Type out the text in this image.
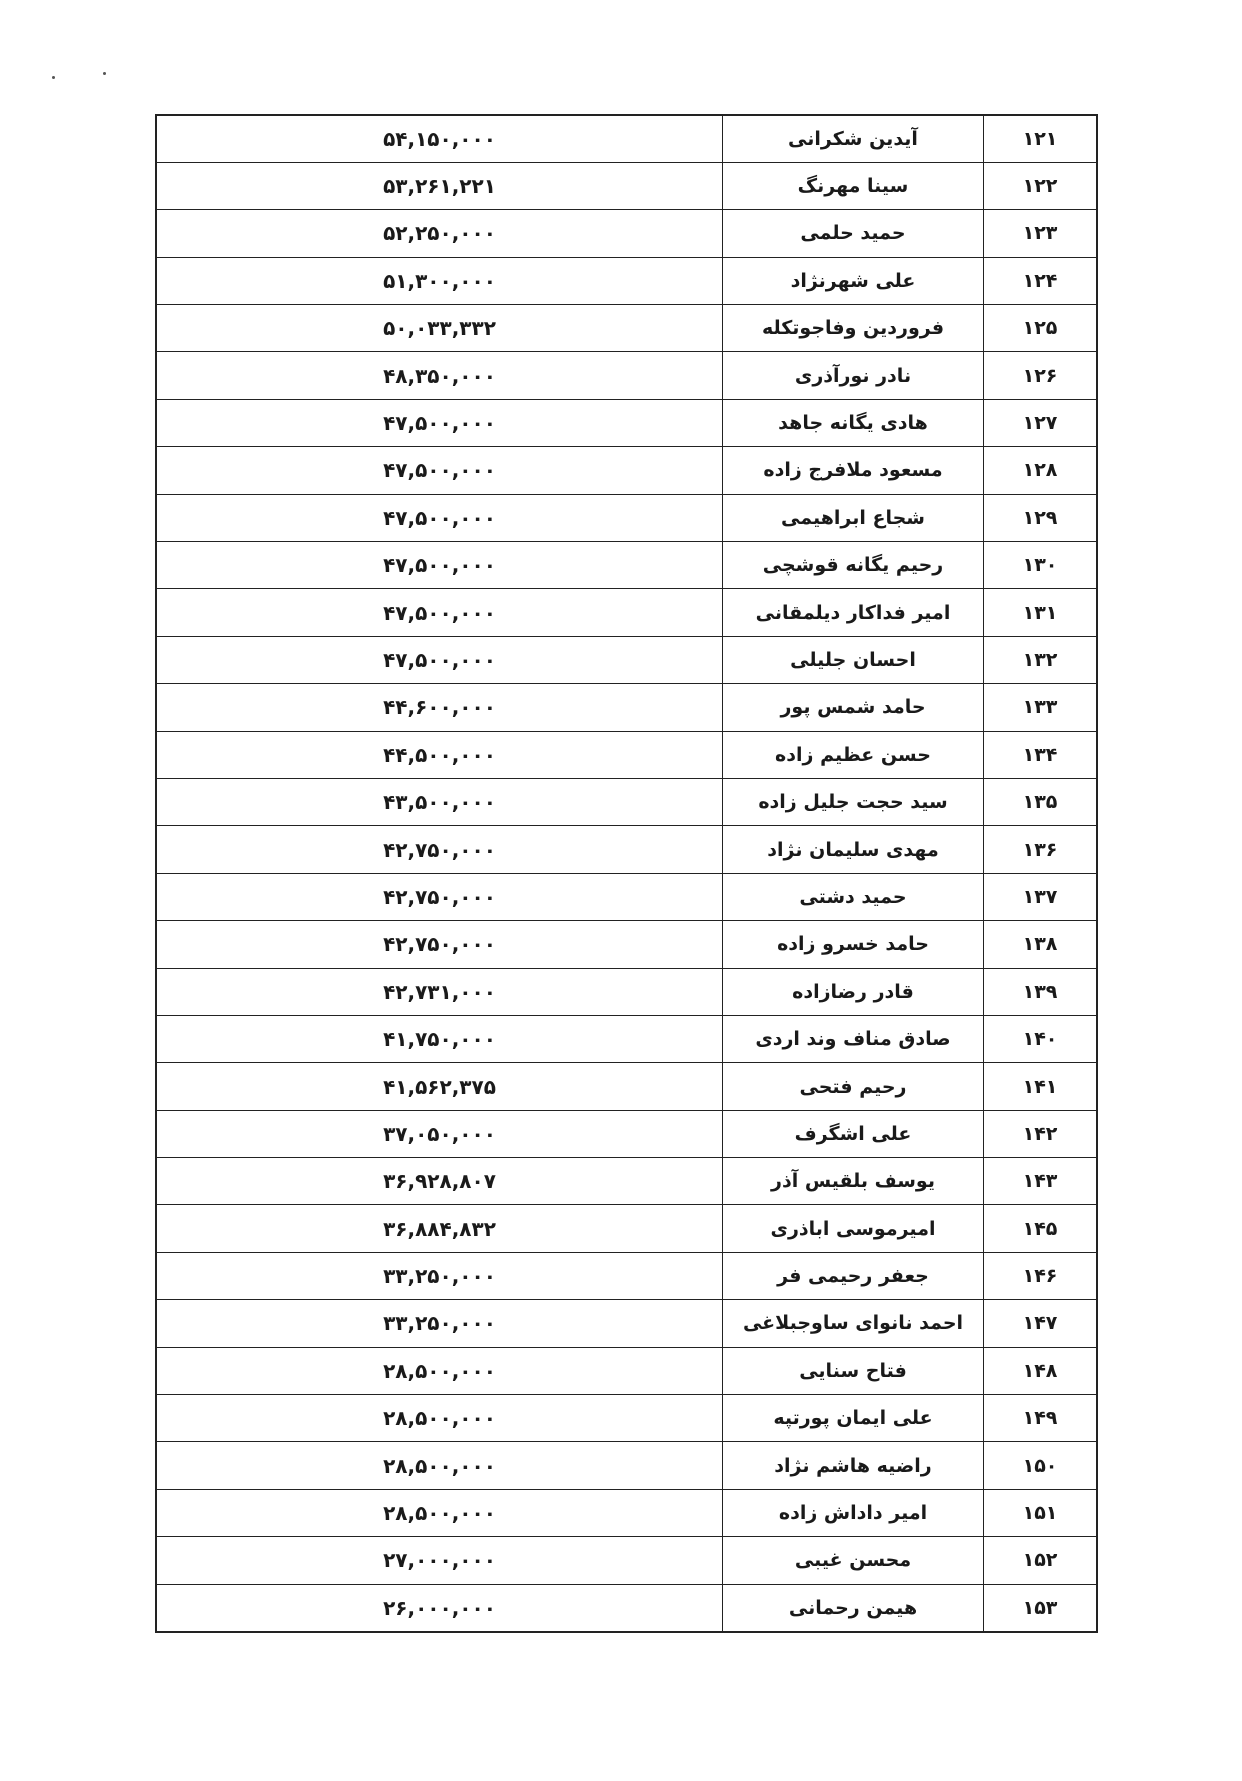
۱۲۱	آیدین شکرانی	۵۴,۱۵۰,۰۰۰
۱۲۲	سینا مهرنگ	۵۳,۲۶۱,۲۲۱
۱۲۳	حمید حلمی	۵۲,۲۵۰,۰۰۰
۱۲۴	علی شهرنژاد	۵۱,۳۰۰,۰۰۰
۱۲۵	فروردین وفاجوتکله	۵۰,۰۳۳,۳۳۲
۱۲۶	نادر نورآذری	۴۸,۳۵۰,۰۰۰
۱۲۷	هادی یگانه جاهد	۴۷,۵۰۰,۰۰۰
۱۲۸	مسعود ملافرج زاده	۴۷,۵۰۰,۰۰۰
۱۲۹	شجاع ابراهیمی	۴۷,۵۰۰,۰۰۰
۱۳۰	رحیم یگانه قوشچی	۴۷,۵۰۰,۰۰۰
۱۳۱	امیر فداکار دیلمقانی	۴۷,۵۰۰,۰۰۰
۱۳۲	احسان جلیلی	۴۷,۵۰۰,۰۰۰
۱۳۳	حامد شمس پور	۴۴,۶۰۰,۰۰۰
۱۳۴	حسن عظیم زاده	۴۴,۵۰۰,۰۰۰
۱۳۵	سید حجت جلیل زاده	۴۳,۵۰۰,۰۰۰
۱۳۶	مهدی سلیمان نژاد	۴۲,۷۵۰,۰۰۰
۱۳۷	حمید دشتی	۴۲,۷۵۰,۰۰۰
۱۳۸	حامد خسرو زاده	۴۲,۷۵۰,۰۰۰
۱۳۹	قادر رضازاده	۴۲,۷۳۱,۰۰۰
۱۴۰	صادق مناف وند اردی	۴۱,۷۵۰,۰۰۰
۱۴۱	رحیم فتحی	۴۱,۵۶۲,۳۷۵
۱۴۲	علی اشگرف	۳۷,۰۵۰,۰۰۰
۱۴۳	یوسف بلقیس آذر	۳۶,۹۲۸,۸۰۷
۱۴۵	امیرموسی اباذری	۳۶,۸۸۴,۸۳۲
۱۴۶	جعفر رحیمی فر	۳۳,۲۵۰,۰۰۰
۱۴۷	احمد نانوای ساوجبلاغی	۳۳,۲۵۰,۰۰۰
۱۴۸	فتاح سنایی	۲۸,۵۰۰,۰۰۰
۱۴۹	علی ایمان پورتپه	۲۸,۵۰۰,۰۰۰
۱۵۰	راضیه هاشم نژاد	۲۸,۵۰۰,۰۰۰
۱۵۱	امیر داداش زاده	۲۸,۵۰۰,۰۰۰
۱۵۲	محسن غیبی	۲۷,۰۰۰,۰۰۰
۱۵۳	هیمن رحمانی	۲۶,۰۰۰,۰۰۰
